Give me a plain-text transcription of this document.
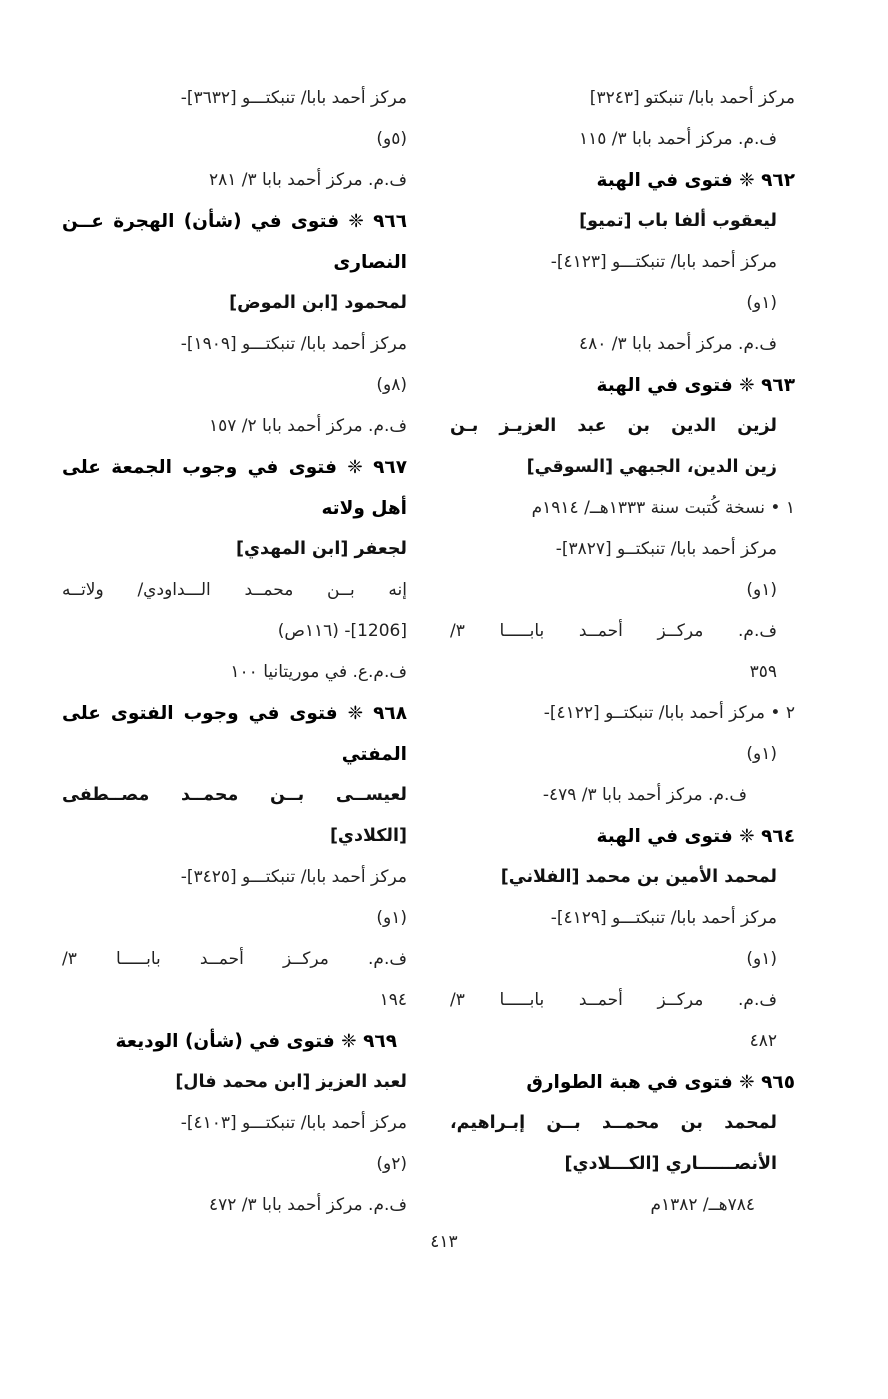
مركز أحمد بابا/ تنبكتو [٣٢٤٣]
ف.م. مركز أحمد بابا ٣/ ١١٥
٩٦٢ ❈ فتوى في الهبة
ليعقوب ألفا باب [تميو]
مركز أحمد بابا/ تنبكتـــو [٤١٢٣]-
(١و)
ف.م. مركز أحمد بابا ٣/ ٤٨٠
٩٦٣ ❈ فتوى في الهبة
لزين الدين بن عبد العزيـز بـن
زين الدين، الجبهي [السوقي]
١ • نسخة كُتبت سنة ١٣٣٣هــ/ ١٩١٤م
مركز أحمد بابا/ تنبكتــو [٣٨٢٧]-
(١و)
ف.م. مركــز أحمــد بابـــــا ٣/
٣٥٩
٢ • مركز أحمد بابا/ تنبكتــو [٤١٢٢]-
(١و)
ف.م. مركز أحمد بابا ٣/ ٤٧٩-
٩٦٤ ❈ فتوى في الهبة
لمحمد الأمين بن محمد [الفلاني]
مركز أحمد بابا/ تنبكتـــو [٤١٢٩]-
(١و)
ف.م. مركــز أحمــد بابـــــا ٣/
٤٨٢
٩٦٥ ❈ فتوى في هبة الطوارق
لمحمد بن محمــد بــن إبـراهيم،
الأنصــــــاري [الكـــلادي]
٧٨٤هــ/ ١٣٨٢م
مركز أحمد بابا/ تنبكتـــو [٣٦٣٢]-
(٥و)
ف.م. مركز أحمد بابا ٣/ ٢٨١
٩٦٦ ❈ فتوى في (شأن) الهجرة عــن
النصارى
لمحمود [ابن الموض]
مركز أحمد بابا/ تنبكتـــو [١٩٠٩]-
(٨و)
ف.م. مركز أحمد بابا ٢/ ١٥٧
٩٦٧ ❈ فتوى في وجوب الجمعة على
أهل ولاته
لجعفر [ابن المهدي]
إنه بــن محمــد الـــداودي/ ولاتــه
[1206]- (١١٦ص)
ف.م.ع. في موريتانيا ١٠٠
٩٦٨ ❈ فتوى في وجوب الفتوى على
المفتي
لعيســى بــن محمــد مصــطفى
[الكلادي]
مركز أحمد بابا/ تنبكتـــو [٣٤٢٥]-
(١و)
ف.م. مركــز أحمــد بابـــــا ٣/
١٩٤
٩٦٩ ❈ فتوى في (شأن) الوديعة
لعبد العزيز [ابن محمد فال]
مركز أحمد بابا/ تنبكتـــو [٤١٠٣]-
(٢و)
ف.م. مركز أحمد بابا ٣/ ٤٧٢
٤١٣
